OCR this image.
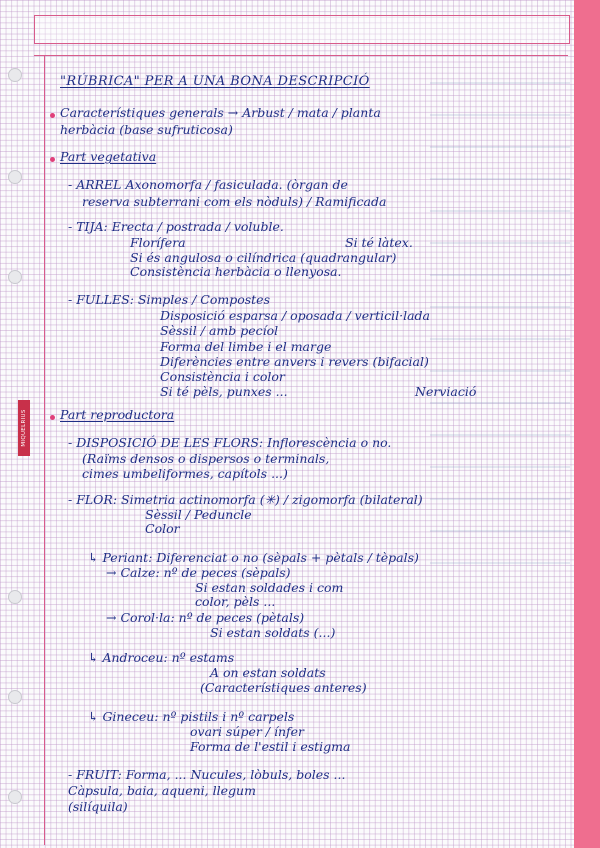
MIQUELRIUS
"RÚBRICA" PER A UNA BONA DESCRIPCIÓ
Característiques generals → Arbust / mata / planta
herbàcia (base sufruticosa)
Part vegetativa
- ARREL Axonomorfa / fasiculada. (òrgan de
reserva subterrani com els nòduls) / Ramificada
- TIJA: Erecta / postrada / voluble.
Florífera	Si té làtex.
Si és angulosa o cilíndrica (quadrangular)
Consistència herbàcia o llenyosa.
- FULLES: Simples / Compostes
Disposició esparsa / oposada / verticil·lada
Sèssil / amb pecíol
Forma del limbe i el marge
Diferències entre anvers i revers (bifacial)
Consistència i color
Si té pèls, punxes ...	Nerviació
Part reproductora
- DISPOSICIÓ DE LES FLORS: Inflorescència o no.
(Raïms densos o dispersos o terminals,
cimes umbeliformes, capítols ...)
- FLOR: Simetria actinomorfa (✳) / zigomorfa (bilateral)
Sèssil / Peduncle
Color
↳ Periant: Diferenciat o no (sèpals + pètals / tèpals)
→ Calze: nº de peces (sèpals)
Si estan soldades i com
color, pèls ...
→ Corol·la: nº de peces (pètals)
Si estan soldats (...)
↳ Androceu: nº estams
A on estan soldats
(Característiques anteres)
↳ Gineceu: nº pistils i nº carpels
ovari súper / ínfer
Forma de l'estil i estigma
- FRUIT: Forma, ... Nucules, lòbuls, boles ...
Càpsula, baia, aqueni, llegum
(silíquila)
